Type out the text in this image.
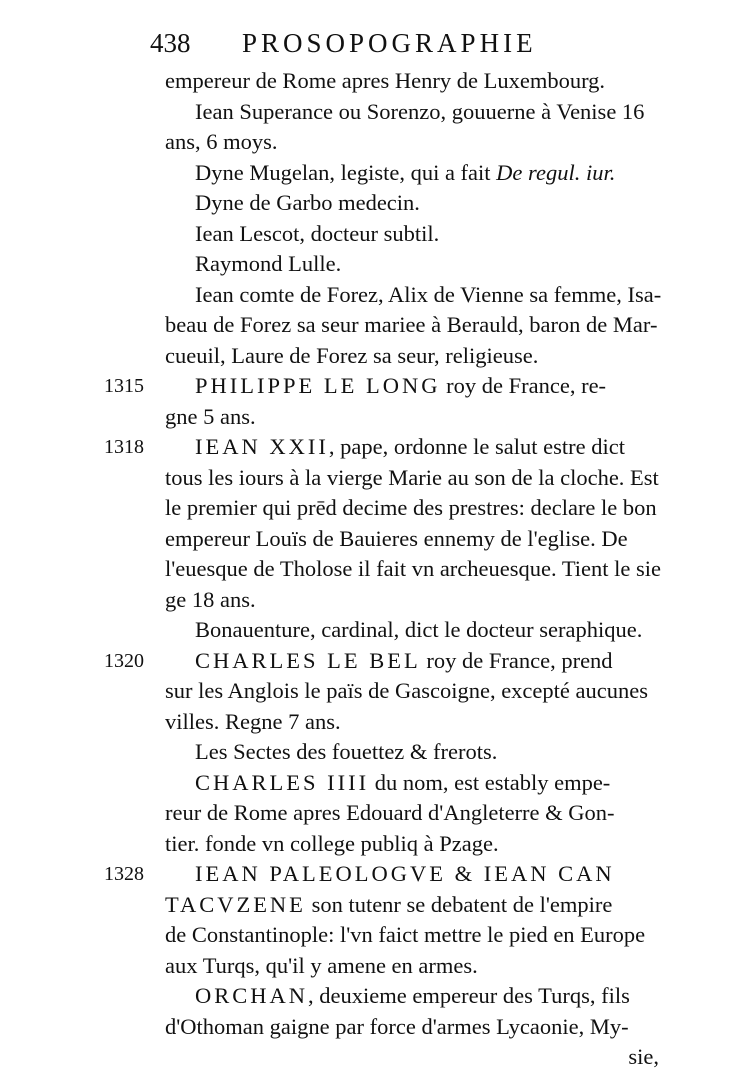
438 PROSOPOGRAPHIE
empereur de Rome apres Henry de Luxembourg.
Iean Superance ou Sorenzo, gouuerne à Venise 16
ans, 6 moys.
Dyne Mugelan, legiste, qui a fait De regul. iur.
Dyne de Garbo medecin.
Iean Lescot, docteur subtil.
Raymond Lulle.
Iean comte de Forez, Alix de Vienne sa femme, Isa-
beau de Forez sa seur mariee à Berauld, baron de Mar-
cueuil, Laure de Forez sa seur, religieuse.
1315 PHILIPPE LE LONG roy de France, re-
gne 5 ans.
1318 IEAN XXII, pape, ordonne le salut estre dict
tous les iours à la vierge Marie au son de la cloche. Est
le premier qui prēd decime des prestres: declare le bon
empereur Louïs de Bauieres ennemy de l'eglise. De
l'euesque de Tholose il fait vn archeuesque. Tient le sie
ge 18 ans.
Bonauenture, cardinal, dict le docteur seraphique.
1320 CHARLES LE BEL roy de France, prend
sur les Anglois le païs de Gascoigne, excepté aucunes
villes. Regne 7 ans.
Les Sectes des fouettez & frerots.
CHARLES IIII du nom, est estably empe-
reur de Rome apres Edouard d'Angleterre & Gon-
tier. fonde vn college publiq à Pzage.
1328 IEAN PALEOLOGVE & IEAN CAN
TACVZENE son tutenr se debatent de l'empire
de Constantinople: l'vn faict mettre le pied en Europe
aux Turqs, qu'il y amene en armes.
ORCHAN, deuxieme empereur des Turqs, fils
d'Othoman gaigne par force d'armes Lycaonie, My-
sie,
